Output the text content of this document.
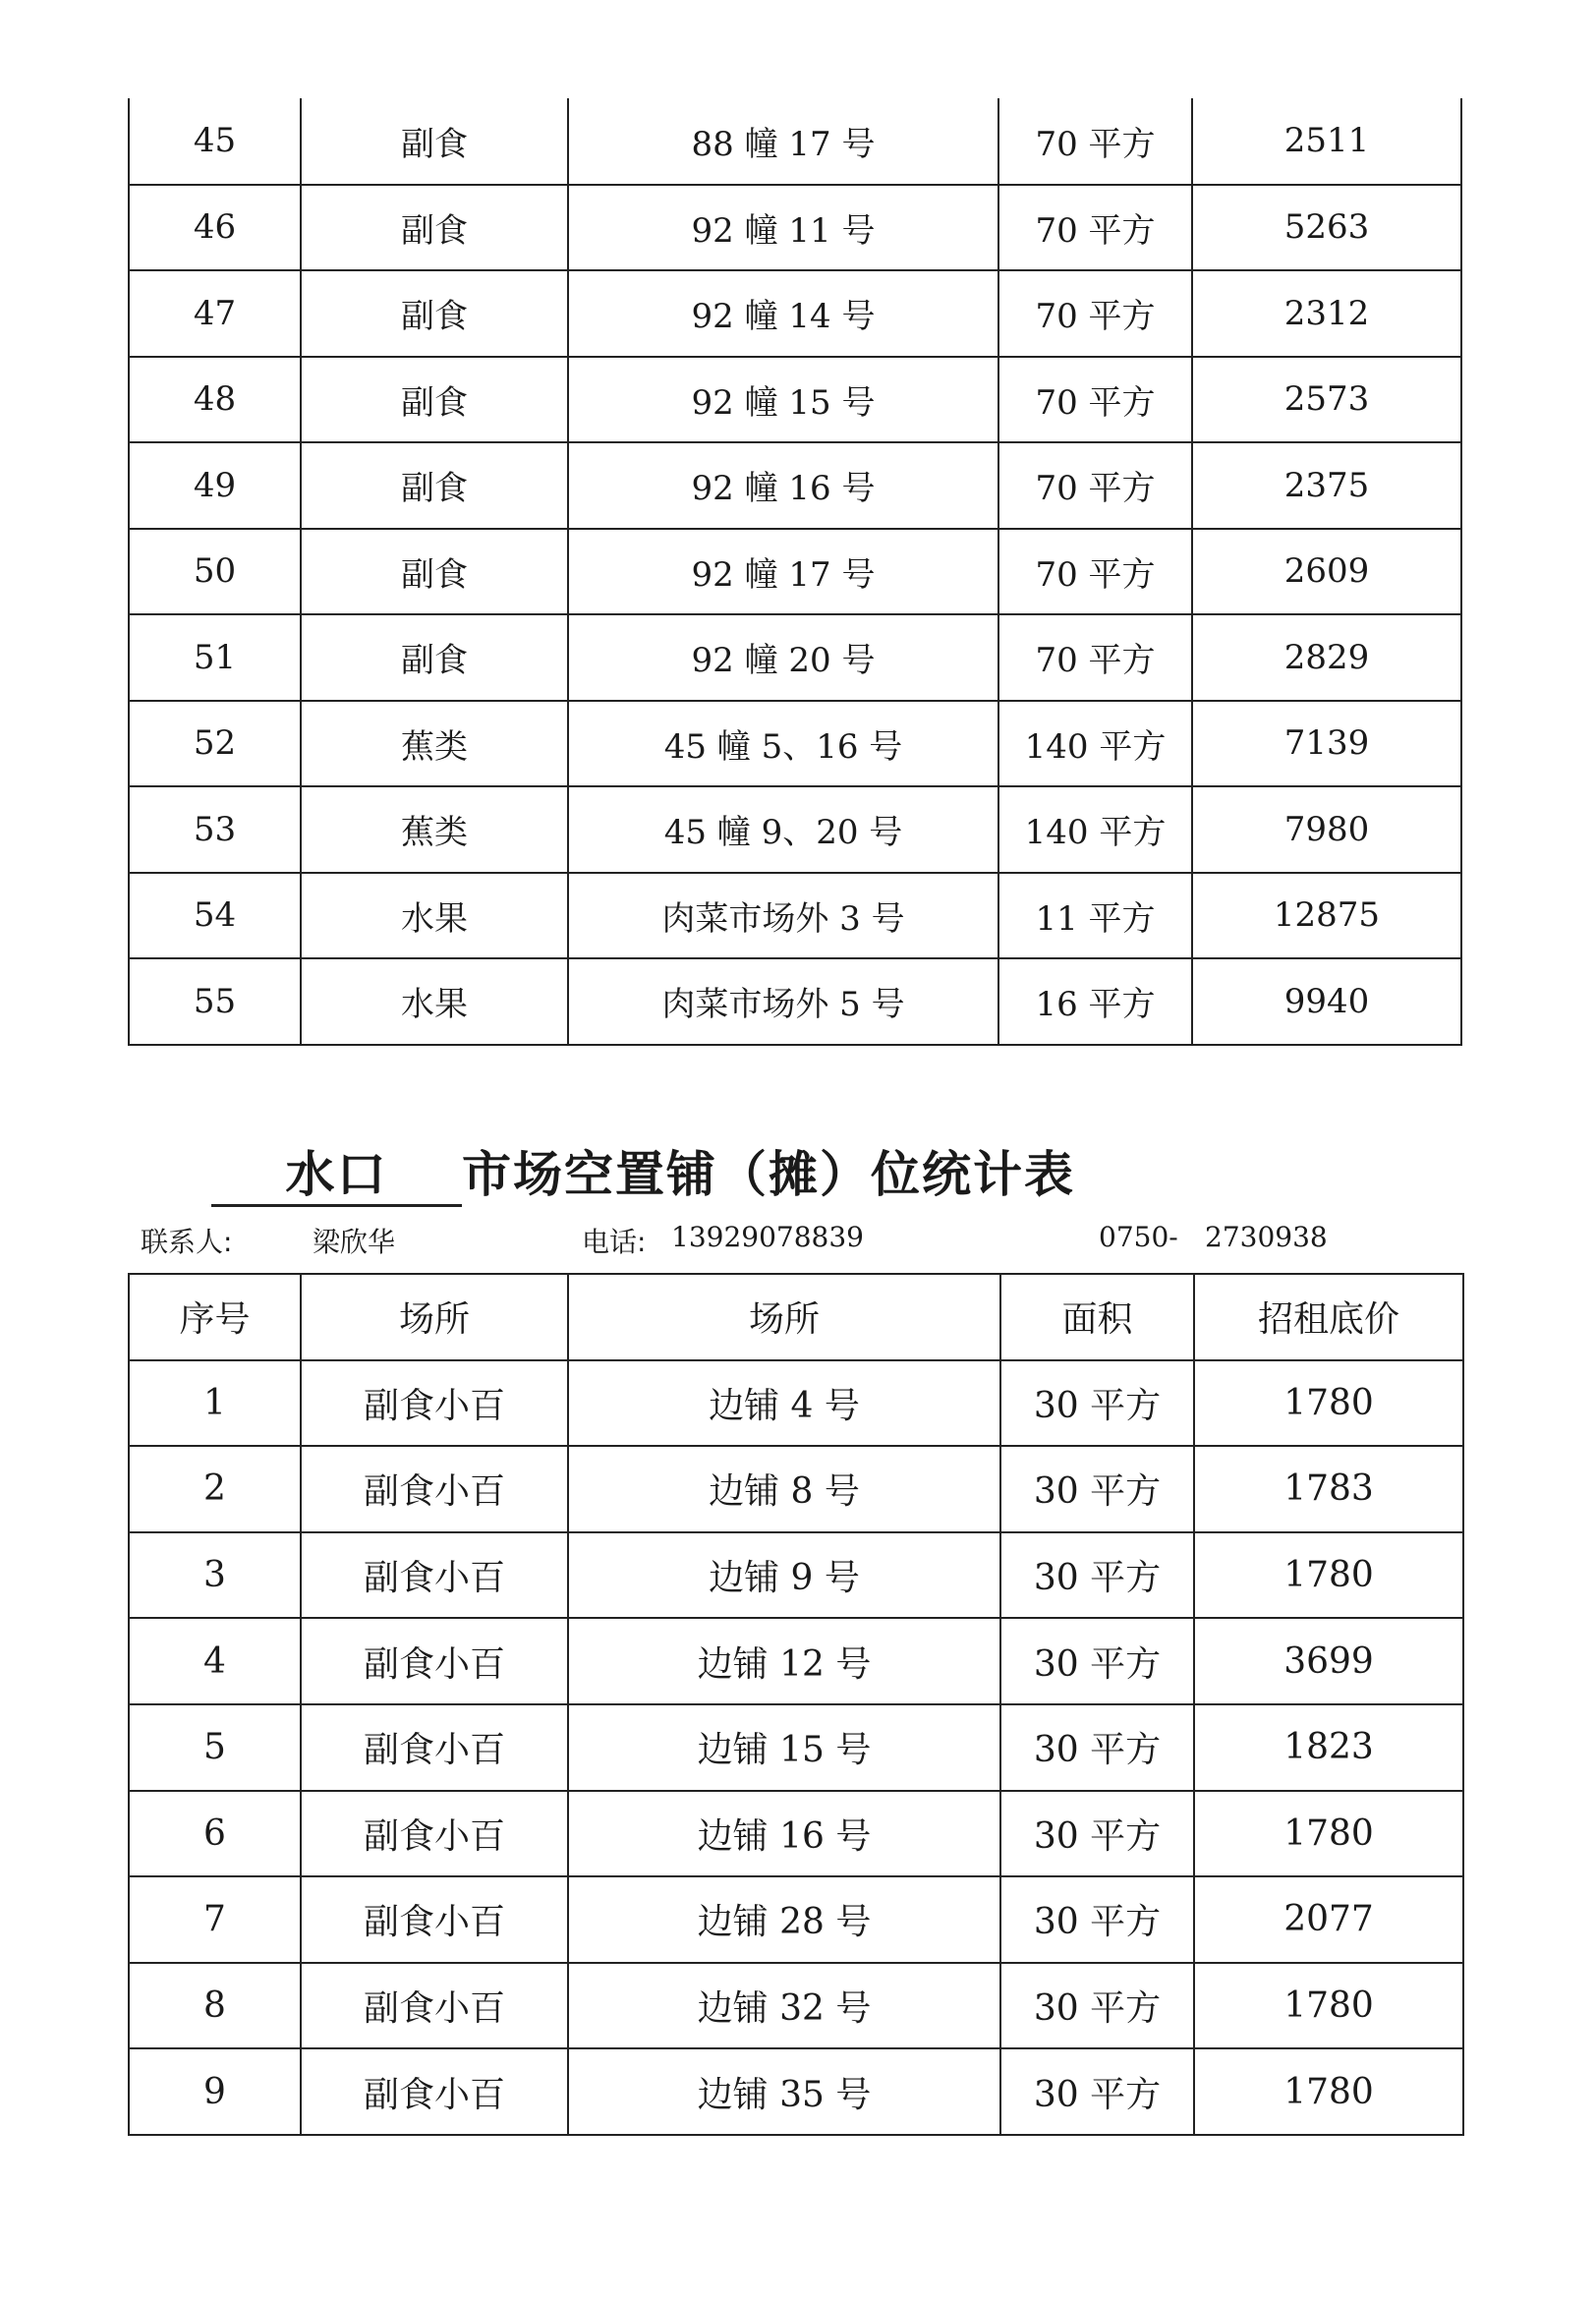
45	副食	88 幢 17 号	70 平方	2511
46	副食	92 幢 11 号	70 平方	5263
47	副食	92 幢 14 号	70 平方	2312
48	副食	92 幢 15 号	70 平方	2573
49	副食	92 幢 16 号	70 平方	2375
50	副食	92 幢 17 号	70 平方	2609
51	副食	92 幢 20 号	70 平方	2829
52	蕉类	45 幢 5、16 号	140 平方	7139
53	蕉类	45 幢 9、20 号	140 平方	7980
54	水果	肉菜市场外 3 号	11 平方	12875
55	水果	肉菜市场外 5 号	16 平方	9940
水口 市场空置铺（摊）位统计表
联系人:	梁欣华	电话: 13929078839	0750- 2730938
序号	场所	场所	面积	招租底价
1	副食小百	边铺 4 号	30 平方	1780
2	副食小百	边铺 8 号	30 平方	1783
3	副食小百	边铺 9 号	30 平方	1780
4	副食小百	边铺 12 号	30 平方	3699
5	副食小百	边铺 15 号	30 平方	1823
6	副食小百	边铺 16 号	30 平方	1780
7	副食小百	边铺 28 号	30 平方	2077
8	副食小百	边铺 32 号	30 平方	1780
9	副食小百	边铺 35 号	30 平方	1780
